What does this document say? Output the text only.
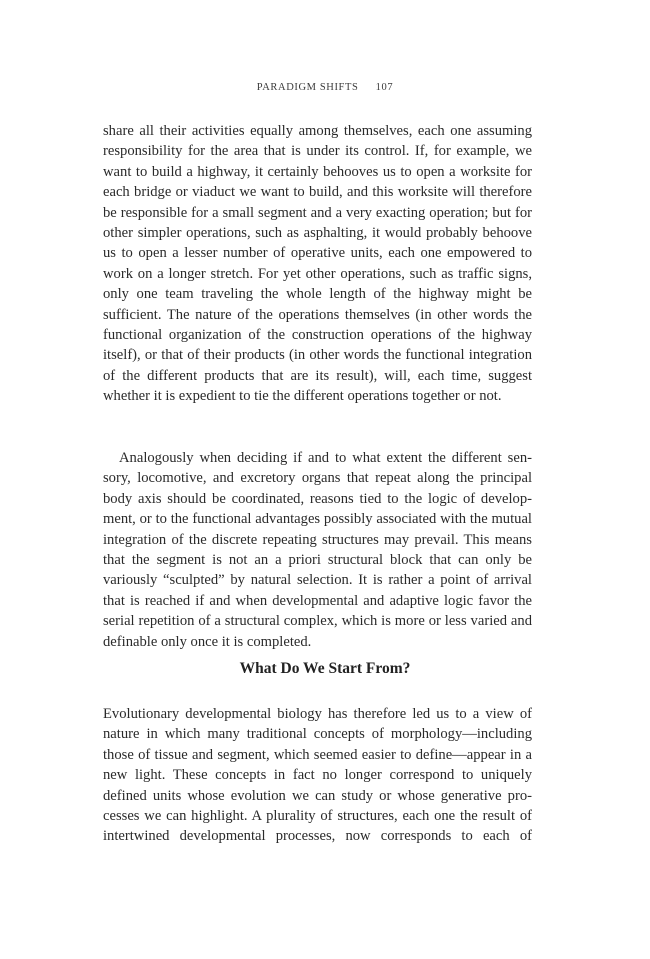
PARADIGM SHIFTS 107

share all their activities equally among themselves, each one assuming responsibility for the area that is under its control. If, for example, we want to build a highway, it certainly behooves us to open a worksite for each bridge or viaduct we want to build, and this worksite will therefore be responsible for a small segment and a very exacting operation; but for other simpler operations, such as asphalting, it would probably behoove us to open a lesser number of operative units, each one empowered to work on a longer stretch. For yet other operations, such as traffic signs, only one team traveling the whole length of the highway might be sufficient. The nature of the operations themselves (in other words the functional organization of the construction operations of the highway itself), or that of their products (in other words the functional integration of the different products that are its result), will, each time, suggest whether it is expedient to tie the different operations together or not.

Analogously when deciding if and to what extent the different sensory, locomotive, and excretory organs that repeat along the principal body axis should be coordinated, reasons tied to the logic of development, or to the functional advantages possibly associated with the mutual integration of the discrete repeating structures may prevail. This means that the segment is not an a priori structural block that can only be variously “sculpted” by natural selection. It is rather a point of arrival that is reached if and when developmental and adaptive logic favor the serial repetition of a structural complex, which is more or less varied and definable only once it is completed.

What Do We Start From?

Evolutionary developmental biology has therefore led us to a view of nature in which many traditional concepts of morphology—including those of tissue and segment, which seemed easier to define—appear in a new light. These concepts in fact no longer correspond to uniquely defined units whose evolution we can study or whose generative processes we can highlight. A plurality of structures, each one the result of intertwined developmental processes, now corresponds to each of
